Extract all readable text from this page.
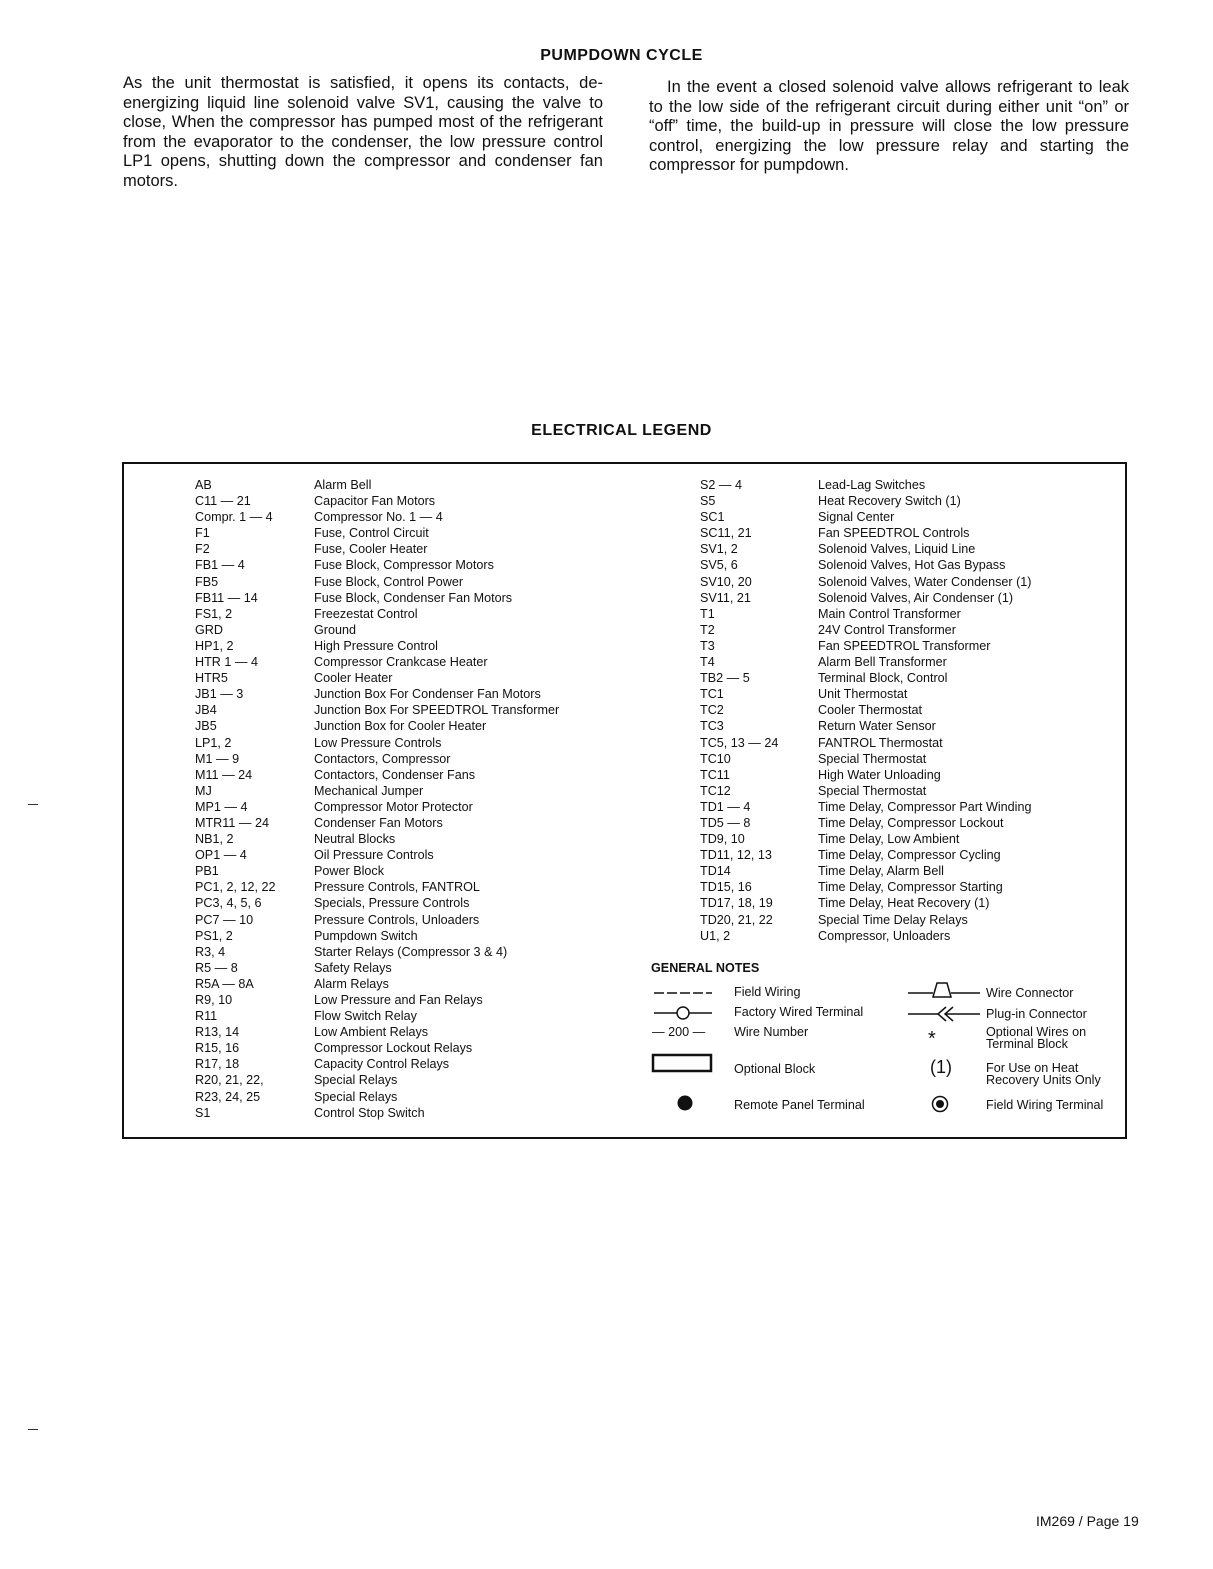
PUMPDOWN CYCLE

As the unit thermostat is satisfied, it opens its contacts, de-energizing liquid line solenoid valve SV1, causing the valve to close, When the compressor has pumped most of the refrigerant from the evaporator to the condenser, the low pressure control LP1 opens, shutting down the compressor and condenser fan motors.

In the event a closed solenoid valve allows refrigerant to leak to the low side of the refrigerant circuit during either unit “on” or “off” time, the build-up in pressure will close the low pressure control, energizing the low pressure relay and starting the compressor for pumpdown.

ELECTRICAL LEGEND
AB
C11 — 21
Compr. 1 — 4
F1
F2
FB1 — 4
FB5
FB11 — 14
FS1, 2
GRD
HP1, 2
HTR 1 — 4
HTR5
JB1 — 3
JB4
JB5
LP1, 2
M1 — 9
M11 — 24
MJ
MP1 — 4
MTR11 — 24
NB1, 2
OP1 — 4
PB1
PC1, 2, 12, 22
PC3, 4, 5, 6
PC7 — 10
PS1, 2
R3, 4
R5 — 8
R5A — 8A
R9, 10
R11
R13, 14
R15, 16
R17, 18
R20, 21, 22,
R23, 24, 25
S1
Alarm Bell
Capacitor Fan Motors
Compressor No. 1 — 4
Fuse, Control Circuit
Fuse, Cooler Heater
Fuse Block, Compressor Motors
Fuse Block, Control Power
Fuse Block, Condenser Fan Motors
Freezestat Control
Ground
High Pressure Control
Compressor Crankcase Heater
Cooler Heater
Junction Box For Condenser Fan Motors
Junction Box For SPEEDTROL Transformer
Junction Box for Cooler Heater
Low Pressure Controls
Contactors, Compressor
Contactors, Condenser Fans
Mechanical Jumper
Compressor Motor Protector
Condenser Fan Motors
Neutral Blocks
Oil Pressure Controls
Power Block
Pressure Controls, FANTROL
Specials, Pressure Controls
Pressure Controls, Unloaders
Pumpdown Switch
Starter Relays (Compressor 3 & 4)
Safety Relays
Alarm Relays
Low Pressure and Fan Relays
Flow Switch Relay
Low Ambient Relays
Compressor Lockout Relays
Capacity Control Relays
Special Relays
Special Relays
Control Stop Switch
S2 — 4
S5
SC1
SC11, 21
SV1, 2
SV5, 6
SV10, 20
SV11, 21
T1
T2
T3
T4
TB2 — 5
TC1
TC2
TC3
TC5, 13 — 24
TC10
TC11
TC12
TD1 — 4
TD5 — 8
TD9, 10
TD11, 12, 13
TD14
TD15, 16
TD17, 18, 19
TD20, 21, 22
U1, 2
Lead-Lag Switches
Heat Recovery Switch (1)
Signal Center
Fan SPEEDTROL Controls
Solenoid Valves, Liquid Line
Solenoid Valves, Hot Gas Bypass
Solenoid Valves, Water Condenser (1)
Solenoid Valves, Air Condenser (1)
Main Control Transformer
24V Control Transformer
Fan SPEEDTROL Transformer
Alarm Bell Transformer
Terminal Block, Control
Unit Thermostat
Cooler Thermostat
Return Water Sensor
FANTROL Thermostat
Special Thermostat
High Water Unloading
Special Thermostat
Time Delay, Compressor Part Winding
Time Delay, Compressor Lockout
Time Delay, Low Ambient
Time Delay, Compressor Cycling
Time Delay, Alarm Bell
Time Delay, Compressor Starting
Time Delay, Heat Recovery (1)
Special Time Delay Relays
Compressor, Unloaders
GENERAL NOTES
Field Wiring
Factory Wired Terminal
— 200 — Wire Number
Optional Block
Remote Panel Terminal
Wire Connector
Plug-in Connector
*	Optional Wires on
Terminal Block
(1)	For Use on Heat
Recovery Units Only
Field Wiring Terminal
IM269 / Page 19
